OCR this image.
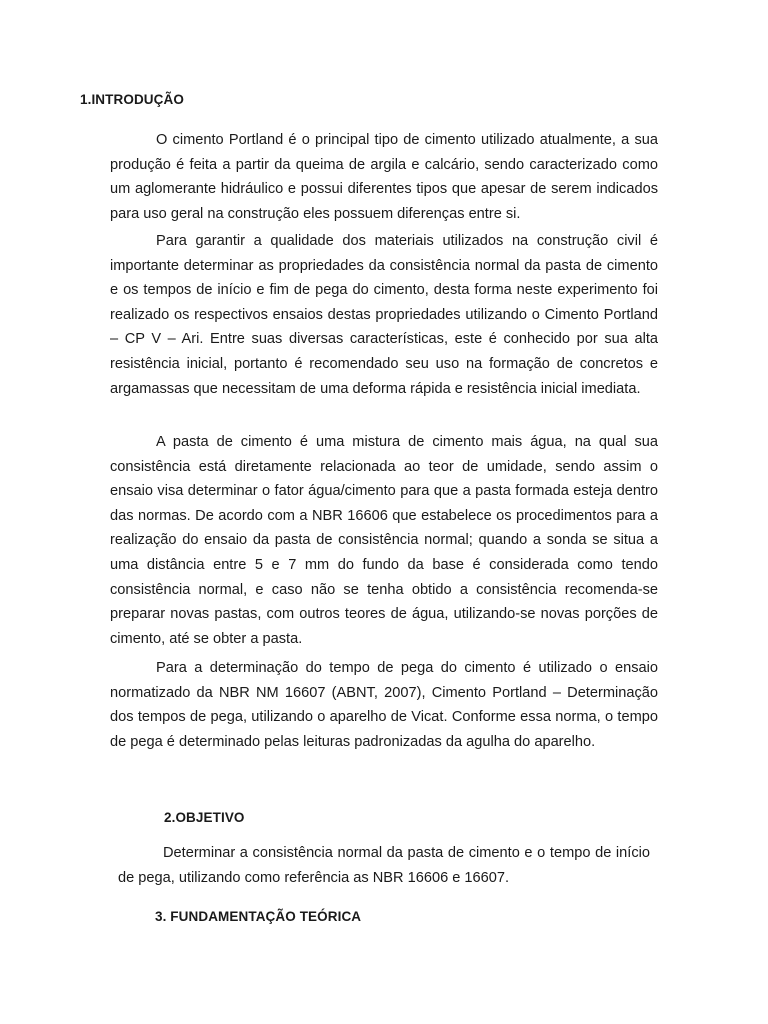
1.INTRODUÇÃO

O cimento Portland é o principal tipo de cimento utilizado atualmente, a sua produção é feita a partir da queima de argila e calcário, sendo caracterizado como um aglomerante hidráulico e possui diferentes tipos que apesar de serem indicados para uso geral na construção eles possuem diferenças entre si.

Para garantir a qualidade dos materiais utilizados na construção civil é importante determinar as propriedades da consistência normal da pasta de cimento e os tempos de início e fim de pega do cimento, desta forma neste experimento foi realizado os respectivos ensaios destas propriedades utilizando o Cimento Portland – CP V – Ari. Entre suas diversas características, este é conhecido por sua alta resistência inicial, portanto é recomendado seu uso na formação de concretos e argamassas que necessitam de uma deforma rápida e resistência inicial imediata.

A pasta de cimento é uma mistura de cimento mais água, na qual sua consistência está diretamente relacionada ao teor de umidade, sendo assim o ensaio visa determinar o fator água/cimento para que a pasta formada esteja dentro das normas. De acordo com a NBR 16606 que estabelece os procedimentos para a realização do ensaio da pasta de consistência normal; quando a sonda se situa a uma distância entre 5 e 7 mm do fundo da base é considerada como tendo consistência normal, e caso não se tenha obtido a consistência recomenda-se preparar novas pastas, com outros teores de água, utilizando-se novas porções de cimento, até se obter a pasta.

Para a determinação do tempo de pega do cimento é utilizado o ensaio normatizado da NBR NM 16607 (ABNT, 2007), Cimento Portland – Determinação dos tempos de pega, utilizando o aparelho de Vicat. Conforme essa norma, o tempo de pega é determinado pelas leituras padronizadas da agulha do aparelho.

2.OBJETIVO

Determinar a consistência normal da pasta de cimento e o tempo de início de pega, utilizando como referência as NBR 16606 e 16607.

3. FUNDAMENTAÇÃO TEÓRICA
